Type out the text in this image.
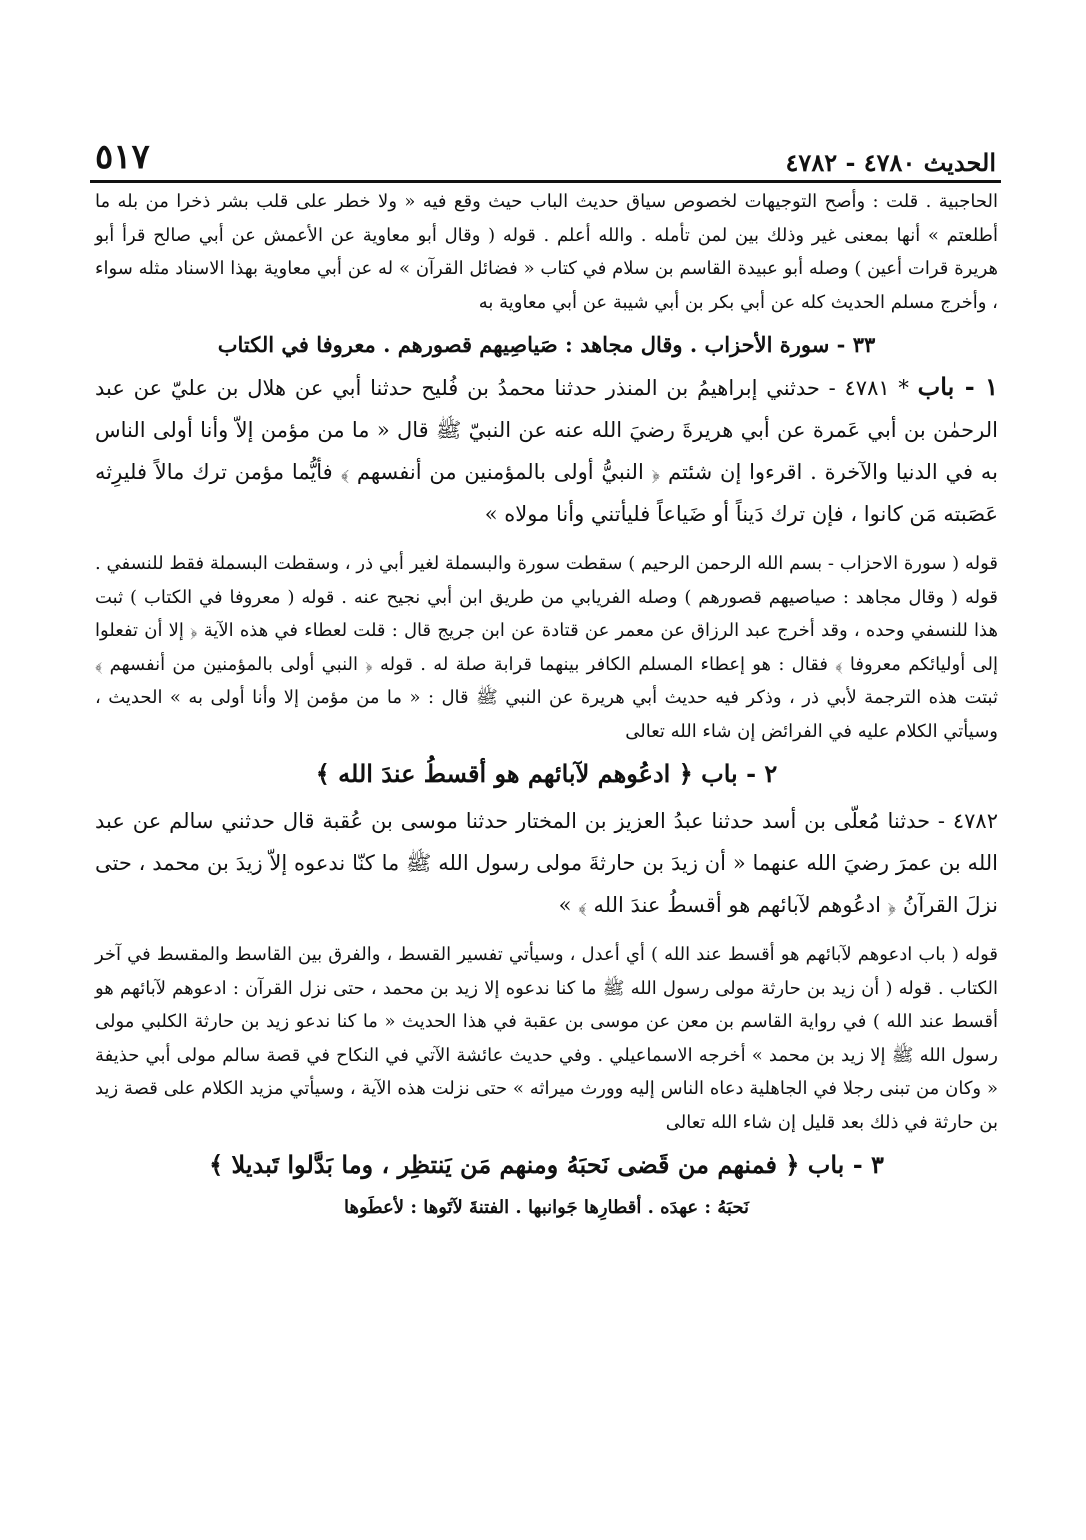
الحديث ٤٧٨٠ - ٤٧٨٢
٥١٧

الحاجبية . قلت : وأصح التوجيهات لخصوص سياق حديث الباب حيث وقع فيه « ولا خطر على قلب بشر ذخرا من بله ما أطلعتم » أنها بمعنى غير وذلك بين لمن تأمله . والله أعلم . قوله ( وقال أبو معاوية عن الأعمش عن أبي صالح قرأ أبو هريرة قرات أعين ) وصله أبو عبيدة القاسم بن سلام في كتاب « فضائل القرآن » له عن أبي معاوية بهذا الاسناد مثله سواء ، وأخرج مسلم الحديث كله عن أبي بكر بن أبي شيبة عن أبي معاوية به

٣٣ - سورة الأحزاب . وقال مجاهد : صَياصِيهم قصورهم . معروفا في الكتاب

١ - باب * ٤٧٨١ - حدثني إبراهيمُ بن المنذر حدثنا محمدُ بن فُليح حدثنا أبي عن هلال بن عليّ عن عبد الرحمٰن بن أبي عَمرة عن أبي هريرةَ رضيَ الله عنه عن النبيّ ﷺ قال « ما من مؤمن إلاّ وأنا أولى الناس به في الدنيا والآخرة . اقرءوا إن شئتم ﴿ النبيُّ أولى بالمؤمنين من أنفسهم ﴾ فأيُّما مؤمن ترك مالاً فليرِثه عَصَبته مَن كانوا ، فإن ترك دَيناً أو ضَياعاً فليأتني وأنا مولاه »

قوله ( سورة الاحزاب - بسم الله الرحمن الرحيم ) سقطت سورة والبسملة لغير أبي ذر ، وسقطت البسملة فقط للنسفي . قوله ( وقال مجاهد : صياصيهم قصورهم ) وصله الفريابي من طريق ابن أبي نجيح عنه . قوله ( معروفا في الكتاب ) ثبت هذا للنسفي وحده ، وقد أخرج عبد الرزاق عن معمر عن قتادة عن ابن جريج قال : قلت لعطاء في هذه الآية ﴿ إلا أن تفعلوا إلى أوليائكم معروفا ﴾ فقال : هو إعطاء المسلم الكافر بينهما قرابة صلة له . قوله ﴿ النبي أولى بالمؤمنين من أنفسهم ﴾ ثبتت هذه الترجمة لأبي ذر ، وذكر فيه حديث أبي هريرة عن النبي ﷺ قال : « ما من مؤمن إلا وأنا أولى به » الحديث ، وسيأتي الكلام عليه في الفرائض إن شاء الله تعالى

٢ - باب ﴿ ادعُوهم لآبائهم هو أقسطُ عندَ الله ﴾

٤٧٨٢ - حدثنا مُعلّى بن أسد حدثنا عبدُ العزيز بن المختار حدثنا موسى بن عُقبة قال حدثني سالم عن عبد الله بن عمرَ رضيَ الله عنهما « أن زيدَ بن حارثةَ مولى رسول الله ﷺ ما كنّا ندعوه إلاّ زيدَ بن محمد ، حتى نزلَ القرآنُ ﴿ ادعُوهم لآبائهم هو أقسطُ عندَ الله ﴾ »

قوله ( باب ادعوهم لآبائهم هو أقسط عند الله ) أي أعدل ، وسيأتي تفسير القسط ، والفرق بين القاسط والمقسط في آخر الكتاب . قوله ( أن زيد بن حارثة مولى رسول الله ﷺ ما كنا ندعوه إلا زيد بن محمد ، حتى نزل القرآن : ادعوهم لآبائهم هو أقسط عند الله ) في رواية القاسم بن معن عن موسى بن عقبة في هذا الحديث « ما كنا ندعو زيد بن حارثة الكلبي مولى رسول الله ﷺ إلا زيد بن محمد » أخرجه الاسماعيلي . وفي حديث عائشة الآتي في النكاح في قصة سالم مولى أبي حذيفة « وكان من تبنى رجلا في الجاهلية دعاه الناس إليه وورث ميراثه » حتى نزلت هذه الآية ، وسيأتي مزيد الكلام على قصة زيد بن حارثة في ذلك بعد قليل إن شاء الله تعالى

٣ - باب ﴿ فمنهم من قَضى نَحبَهُ ومنهم مَن يَنتظِر ، وما بَدَّلوا تَبديلا ﴾

نَحبَهُ : عهدَه . أقطارِها جَوانبها . الفتنةَ لآتَوها : لأعطَوها
